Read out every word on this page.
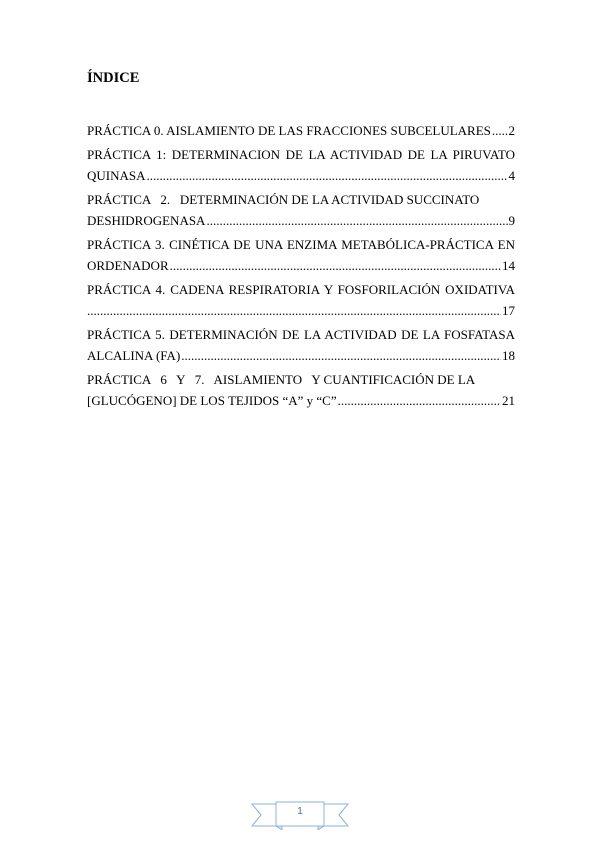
ÍNDICE
PRÁCTICA 0. AISLAMIENTO DE LAS FRACCIONES SUBCELULARES ..... 2
PRÁCTICA 1: DETERMINACION DE LA ACTIVIDAD DE LA PIRUVATO
QUINASA .....	4
PRÁCTICA   2.   DETERMINACIÓN DE LA ACTIVIDAD SUCCINATO
DESHIDROGENASA .....	9
PRÁCTICA 3. CINÉTICA DE UNA ENZIMA METABÓLICA-PRÁCTICA EN
ORDENADOR .....	14
PRÁCTICA 4. CADENA RESPIRATORIA Y FOSFORILACIÓN OXIDATIVA
.....
17
PRÁCTICA 5. DETERMINACIÓN DE LA ACTIVIDAD DE LA FOSFATASA
ALCALINA (FA) .....	18
PRÁCTICA   6   Y   7.   AISLAMIENTO   Y CUANTIFICACIÓN DE LA
[GLUCÓGENO] DE LOS TEJIDOS “A” y “C” .....	21
1
